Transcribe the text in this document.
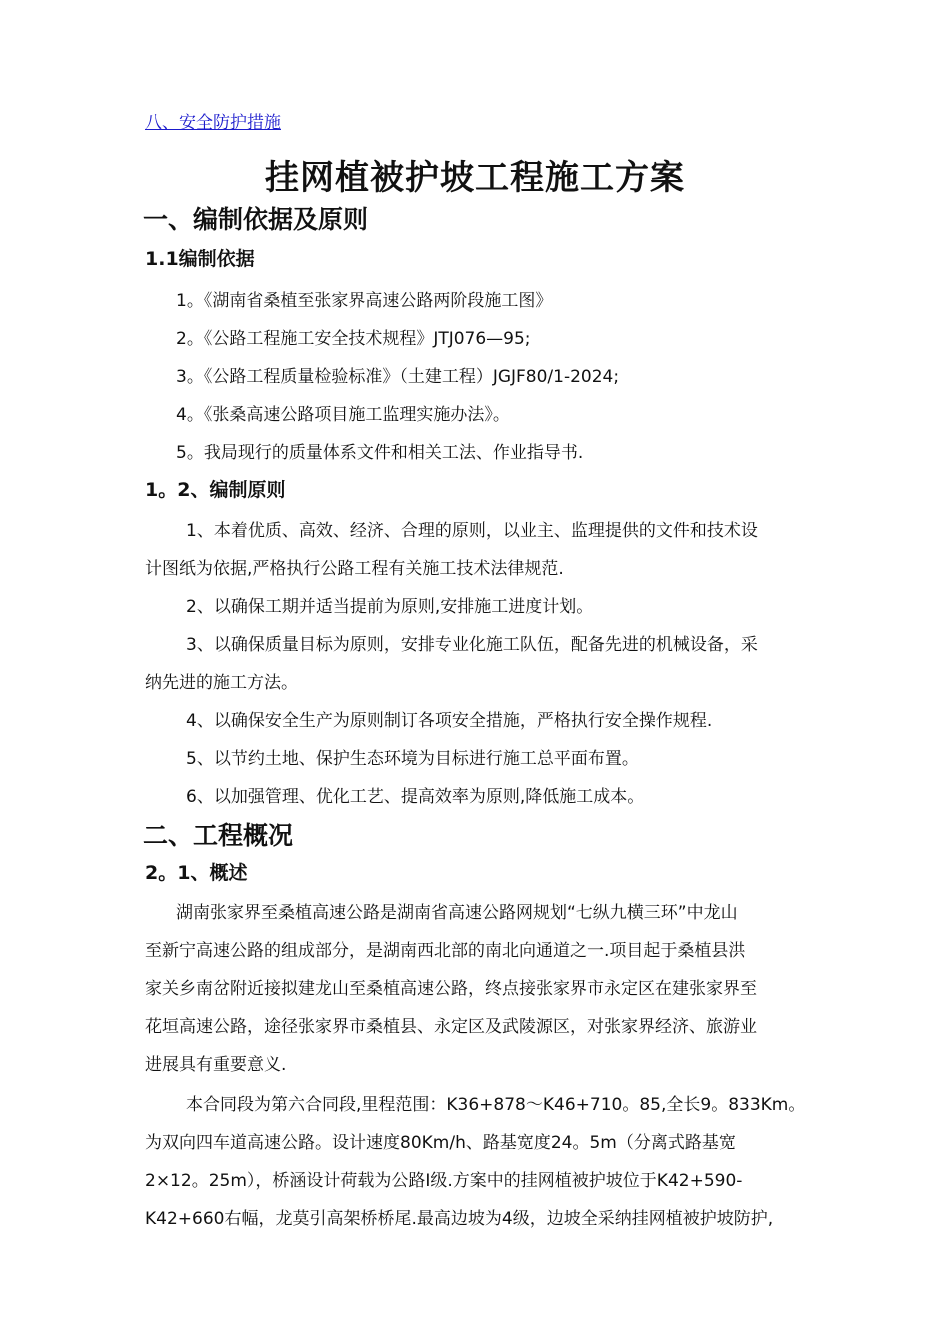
八、安全防护措施
挂网植被护坡工程施工方案
一、编制依据及原则
1.1编制依据
1。《湖南省桑植至张家界高速公路两阶段施工图》
2。《公路工程施工安全技术规程》JTJ076—95;
3。《公路工程质量检验标准》（土建工程）JGJF80/1-2024;
4。《张桑高速公路项目施工监理实施办法》。
5。我局现行的质量体系文件和相关工法、作业指导书.
1。2、编制原则
1、本着优质、高效、经济、合理的原则，以业主、监理提供的文件和技术设
计图纸为依据,严格执行公路工程有关施工技术法律规范.
2、以确保工期并适当提前为原则,安排施工进度计划。
3、以确保质量目标为原则，安排专业化施工队伍，配备先进的机械设备，采
纳先进的施工方法。
4、以确保安全生产为原则制订各项安全措施，严格执行安全操作规程.
5、以节约土地、保护生态环境为目标进行施工总平面布置。
6、以加强管理、优化工艺、提高效率为原则,降低施工成本。
二、工程概况
2。1、概述
湖南张家界至桑植高速公路是湖南省高速公路网规划“七纵九横三环”中龙山
至新宁高速公路的组成部分，是湖南西北部的南北向通道之一.项目起于桑植县洪
家关乡南岔附近接拟建龙山至桑植高速公路，终点接张家界市永定区在建张家界至
花垣高速公路，途径张家界市桑植县、永定区及武陵源区，对张家界经济、旅游业
进展具有重要意义.
本合同段为第六合同段,里程范围：K36+878～K46+710。85,全长9。833Km。
为双向四车道高速公路。设计速度80Km/h、路基宽度24。5m（分离式路基宽
2×12。25m），桥涵设计荷载为公路Ⅰ级.方案中的挂网植被护坡位于K42+590-
K42+660右幅，龙莫引高架桥桥尾.最高边坡为4级，边坡全采纳挂网植被护坡防护,
